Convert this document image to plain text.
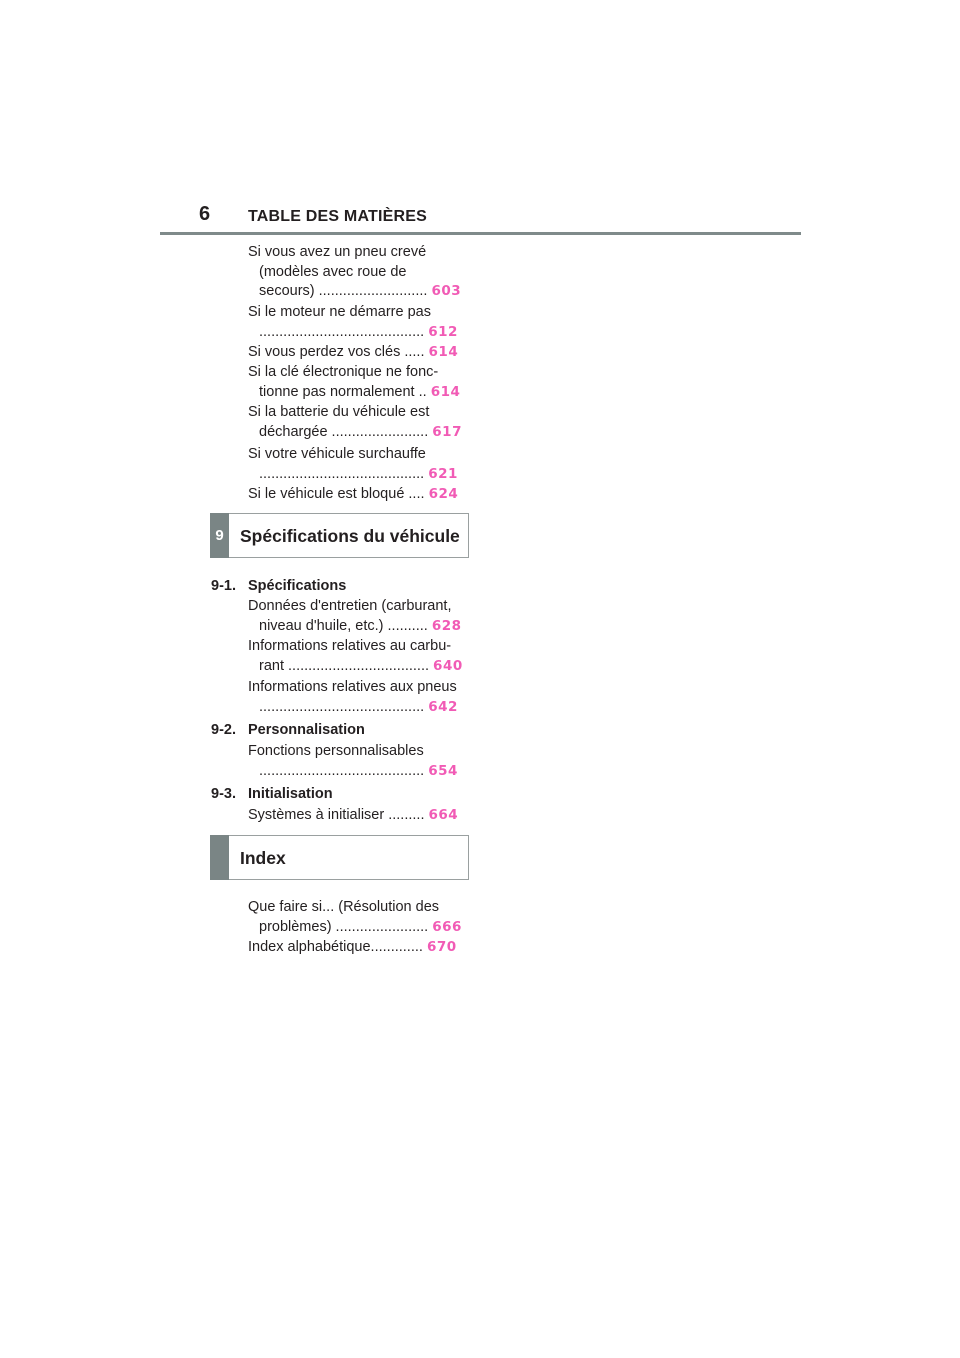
6 TABLE DES MATIÈRES
Si vous avez un pneu crevé
(modèles avec roue de
secours) ........................... 603
Si le moteur ne démarre pas
......................................... 612
Si vous perdez vos clés ..... 614
Si la clé électronique ne fonc-
tionne pas normalement .. 614
Si la batterie du véhicule est
déchargée ........................ 617
Si votre véhicule surchauffe
......................................... 621
Si le véhicule est bloqué .... 624
9 Spécifications du véhicule
9-1. Spécifications
Données d'entretien (carburant,
niveau d'huile, etc.) .......... 628
Informations relatives au carbu-
rant ................................... 640
Informations relatives aux pneus
......................................... 642
9-2. Personnalisation
Fonctions personnalisables
......................................... 654
9-3. Initialisation
Systèmes à initialiser ......... 664
Index
Que faire si... (Résolution des
problèmes) ....................... 666
Index alphabétique............. 670
